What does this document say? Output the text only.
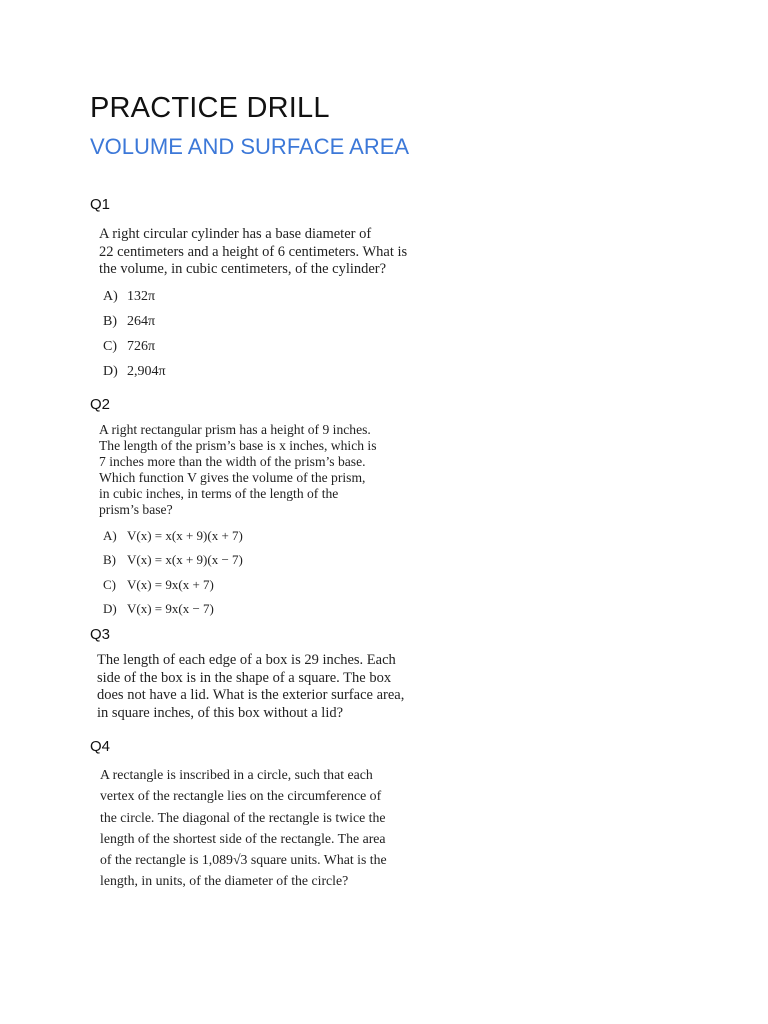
PRACTICE DRILL
VOLUME AND SURFACE AREA
Q1
A right circular cylinder has a base diameter of
22 centimeters and a height of 6 centimeters. What is
the volume, in cubic centimeters, of the cylinder?
A) 132π
B) 264π
C) 726π
D) 2,904π
Q2
A right rectangular prism has a height of 9 inches.
The length of the prism’s base is x inches, which is
7 inches more than the width of the prism’s base.
Which function V gives the volume of the prism,
in cubic inches, in terms of the length of the
prism’s base?
A) V(x) = x(x + 9)(x + 7)
B) V(x) = x(x + 9)(x − 7)
C) V(x) = 9x(x + 7)
D) V(x) = 9x(x − 7)
Q3
The length of each edge of a box is 29 inches. Each
side of the box is in the shape of a square. The box
does not have a lid. What is the exterior surface area,
in square inches, of this box without a lid?
Q4
A rectangle is inscribed in a circle, such that each
vertex of the rectangle lies on the circumference of
the circle. The diagonal of the rectangle is twice the
length of the shortest side of the rectangle. The area
of the rectangle is 1,089√3 square units. What is the
length, in units, of the diameter of the circle?
